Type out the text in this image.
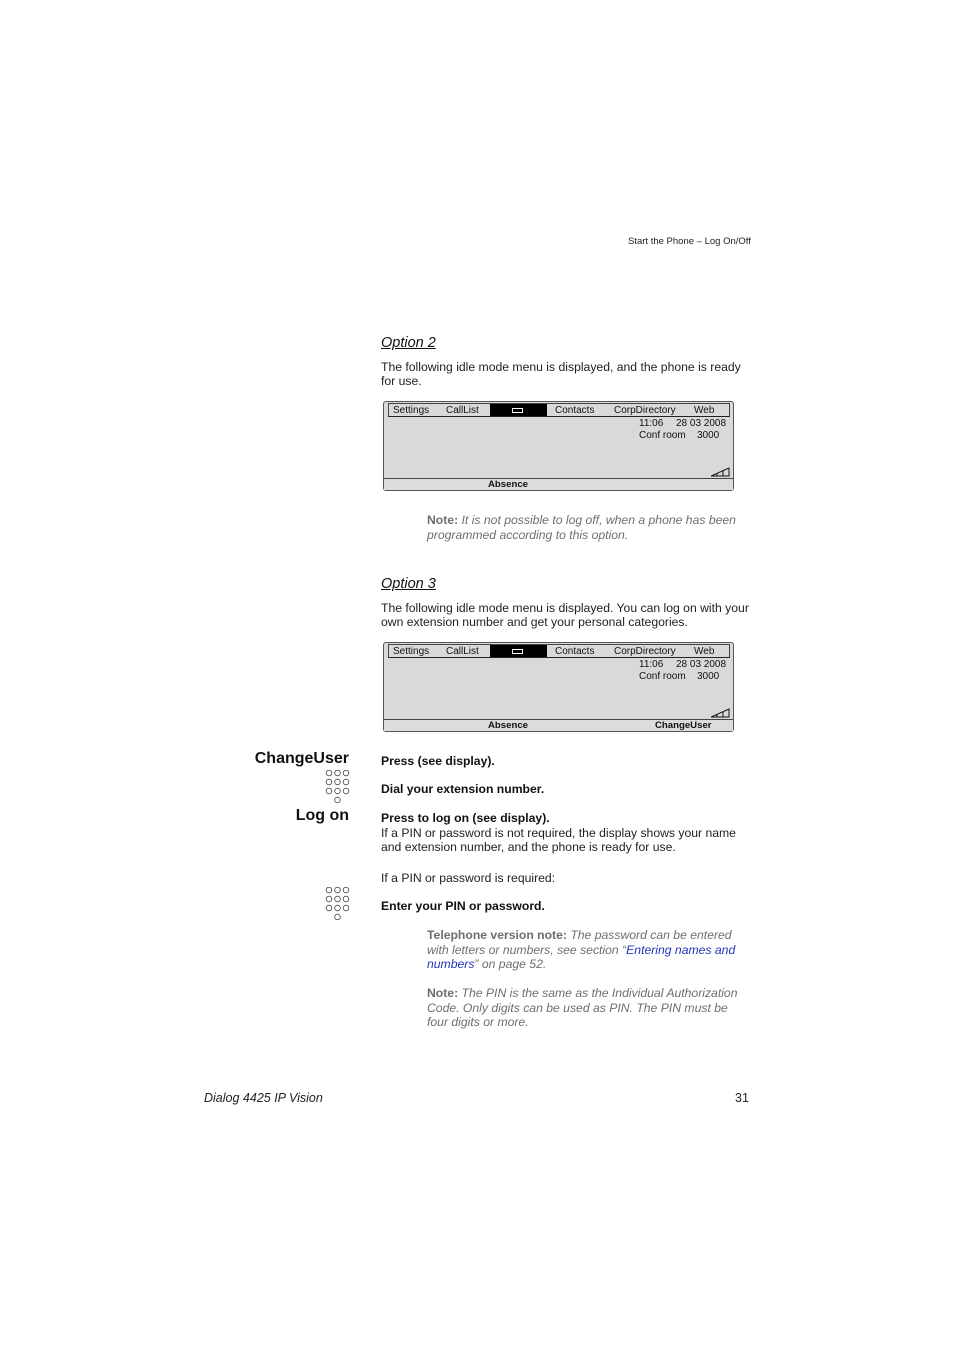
Start the Phone – Log On/Off
Option 2
The following idle mode menu is displayed, and the phone is ready for use.
Settings CallList	Contacts CorpDirectory Web
11:06 28 03 2008
Conf room 3000
Absence
Note: It is not possible to log off, when a phone has been programmed according to this option.
Option 3
The following idle mode menu is displayed. You can log on with your own extension number and get your personal categories.
Settings CallList	Contacts CorpDirectory Web
11:06 28 03 2008
Conf room 3000
Absence	ChangeUser
ChangeUser	Press (see display).
Dial your extension number.
Log on	Press to log on (see display).
If a PIN or password is not required, the display shows your name and extension number, and the phone is ready for use.
If a PIN or password is required:
Enter your PIN or password.
Telephone version note: The password can be entered with letters or numbers, see section “Entering names and numbers” on page 52.
Note: The PIN is the same as the Individual Authorization Code. Only digits can be used as PIN. The PIN must be four digits or more.
Dialog 4425 IP Vision	31
